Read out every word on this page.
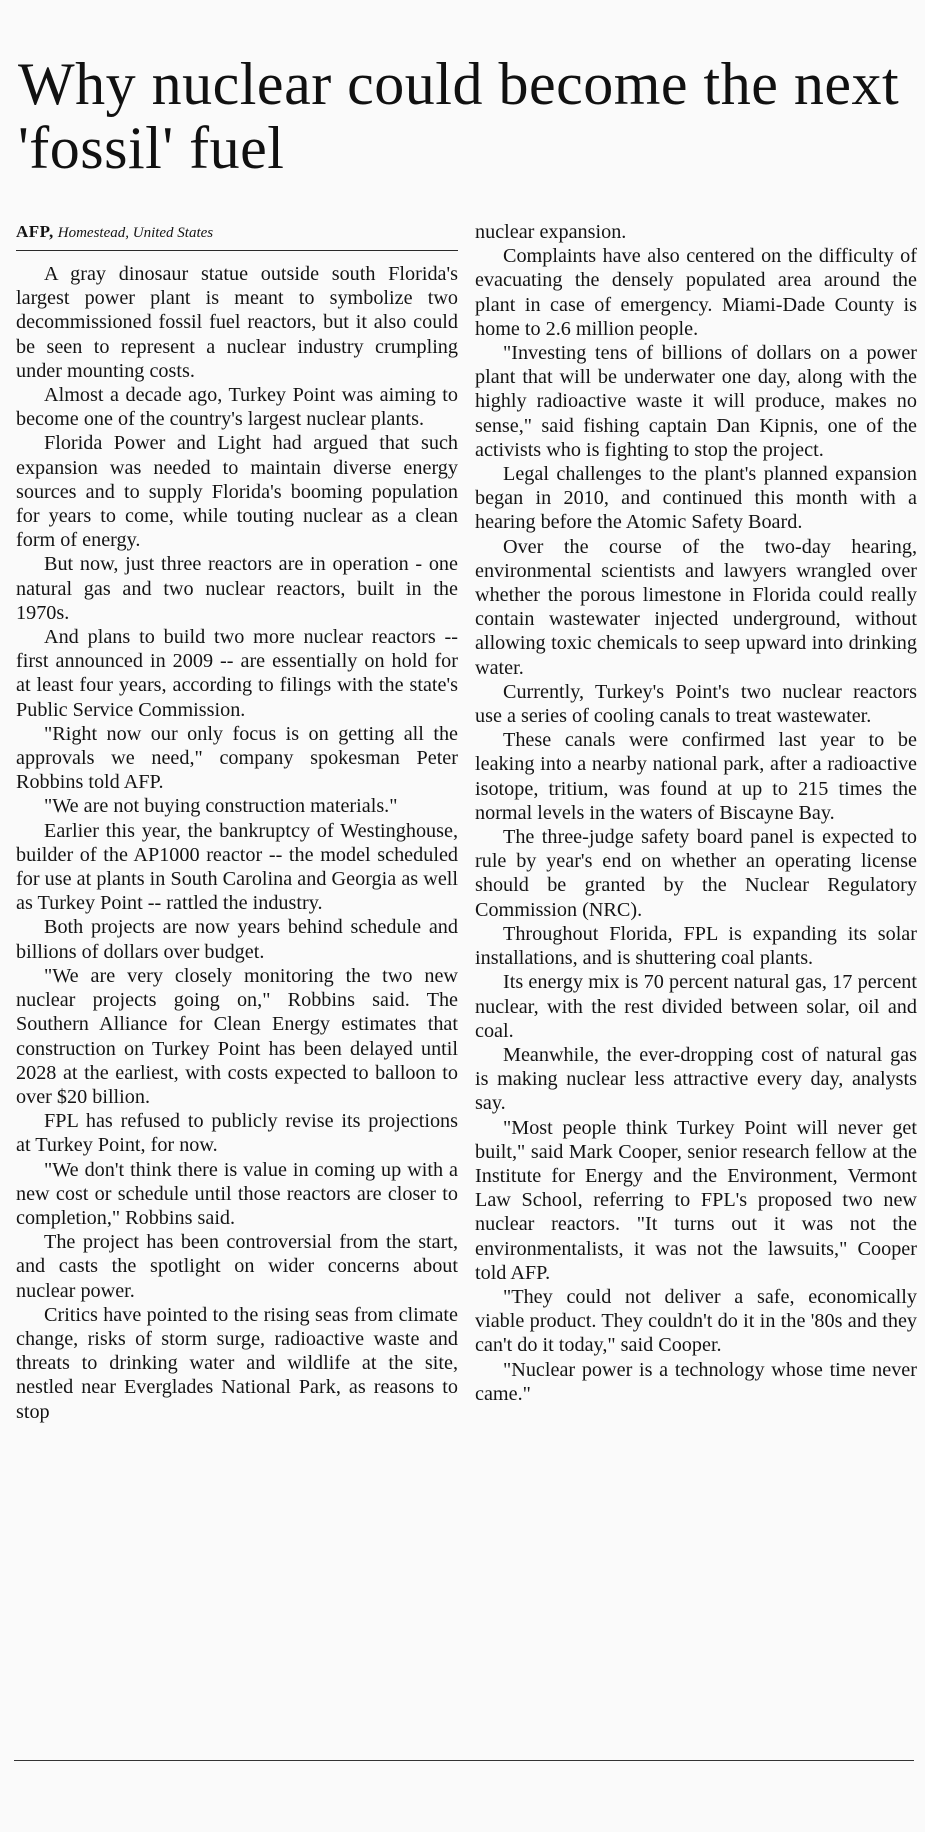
Why nuclear could become the next 'fossil' fuel
AFP, Homestead, United States

A gray dinosaur statue outside south Florida's largest power plant is meant to symbolize two decommissioned fossil fuel reactors, but it also could be seen to represent a nuclear industry crumpling under mounting costs.

Almost a decade ago, Turkey Point was aiming to become one of the country's largest nuclear plants.

Florida Power and Light had argued that such expansion was needed to maintain diverse energy sources and to supply Florida's booming population for years to come, while touting nuclear as a clean form of energy.

But now, just three reactors are in operation - one natural gas and two nuclear reactors, built in the 1970s.

And plans to build two more nuclear reactors -- first announced in 2009 -- are essentially on hold for at least four years, according to filings with the state's Public Service Commission.

"Right now our only focus is on getting all the approvals we need," company spokesman Peter Robbins told AFP.

"We are not buying construction materials."

Earlier this year, the bankruptcy of Westinghouse, builder of the AP1000 reactor -- the model scheduled for use at plants in South Carolina and Georgia as well as Turkey Point -- rattled the industry.

Both projects are now years behind schedule and billions of dollars over budget.

"We are very closely monitoring the two new nuclear projects going on," Robbins said. The Southern Alliance for Clean Energy estimates that construction on Turkey Point has been delayed until 2028 at the earliest, with costs expected to balloon to over $20 billion.

FPL has refused to publicly revise its projections at Turkey Point, for now.

"We don't think there is value in coming up with a new cost or schedule until those reactors are closer to completion," Robbins said.

The project has been controversial from the start, and casts the spotlight on wider concerns about nuclear power.

Critics have pointed to the rising seas from climate change, risks of storm surge, radioactive waste and threats to drinking water and wildlife at the site, nestled near Everglades National Park, as reasons to stop

nuclear expansion.

Complaints have also centered on the difficulty of evacuating the densely populated area around the plant in case of emergency. Miami-Dade County is home to 2.6 million people.

"Investing tens of billions of dollars on a power plant that will be underwater one day, along with the highly radioactive waste it will produce, makes no sense," said fishing captain Dan Kipnis, one of the activists who is fighting to stop the project.

Legal challenges to the plant's planned expansion began in 2010, and continued this month with a hearing before the Atomic Safety Board.

Over the course of the two-day hearing, environmental scientists and lawyers wrangled over whether the porous limestone in Florida could really contain wastewater injected underground, without allowing toxic chemicals to seep upward into drinking water.

Currently, Turkey's Point's two nuclear reactors use a series of cooling canals to treat wastewater.

These canals were confirmed last year to be leaking into a nearby national park, after a radioactive isotope, tritium, was found at up to 215 times the normal levels in the waters of Biscayne Bay.

The three-judge safety board panel is expected to rule by year's end on whether an operating license should be granted by the Nuclear Regulatory Commission (NRC).

Throughout Florida, FPL is expanding its solar installations, and is shuttering coal plants.

Its energy mix is 70 percent natural gas, 17 percent nuclear, with the rest divided between solar, oil and coal.

Meanwhile, the ever-dropping cost of natural gas is making nuclear less attractive every day, analysts say.

"Most people think Turkey Point will never get built," said Mark Cooper, senior research fellow at the Institute for Energy and the Environment, Vermont Law School, referring to FPL's proposed two new nuclear reactors. "It turns out it was not the environmentalists, it was not the lawsuits," Cooper told AFP.

"They could not deliver a safe, economically viable product. They couldn't do it in the '80s and they can't do it today," said Cooper.

"Nuclear power is a technology whose time never came."
